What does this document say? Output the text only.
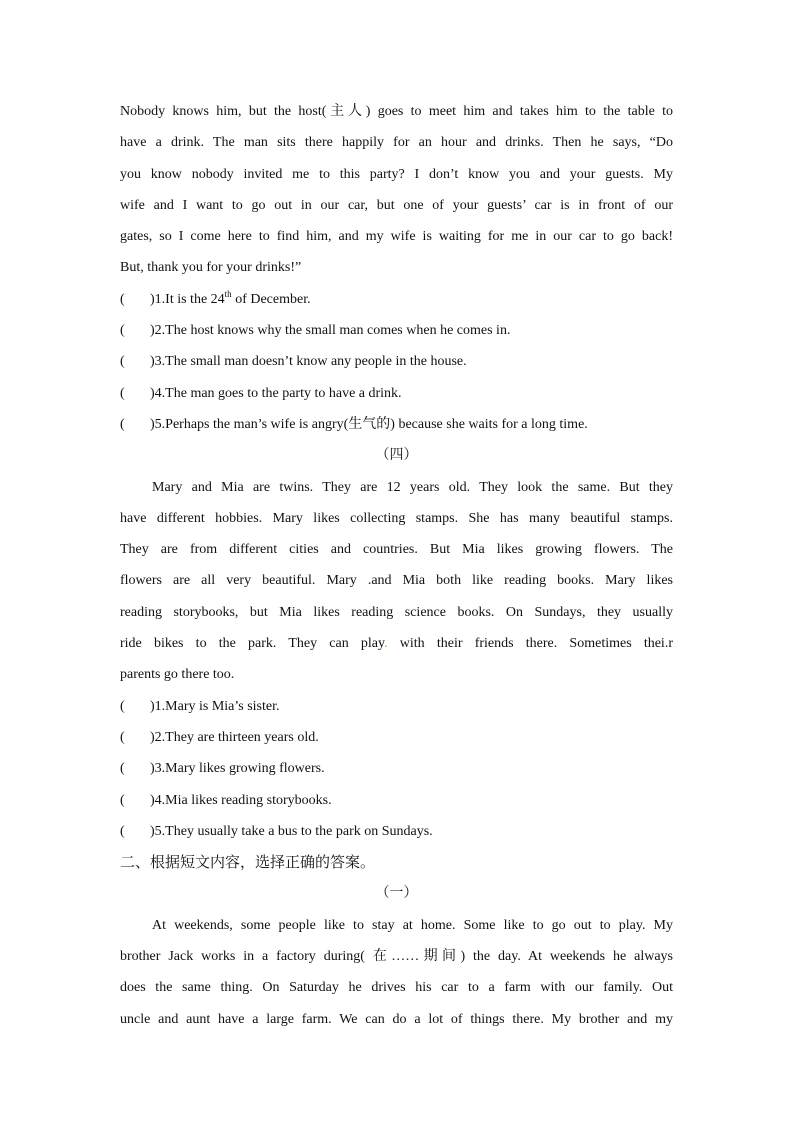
Nobody knows him, but the host(主人) goes to meet him and takes him to the table to
have a drink. The man sits there happily for an hour and drinks. Then he says, “Do
you know nobody invited me to this party? I don’t know you and your guests. My
wife and I want to go out in our car, but one of your guests’ car is in front of our
gates, so I come here to find him, and my wife is waiting for me in our car to go back!
But, thank you for your drinks!”
(	) 1.It is the 24th of December.
(	) 2.The host knows why the small man comes when he comes in.
(	) 3.The small man doesn’t know any people in the house.
(	) 4.The man goes to the party to have a drink.
(	) 5.Perhaps the man’s wife is angry(生气的) because she waits for a long time.
（四）
Mary and Mia are twins. They are 12 years old. They look the same. But they
have different hobbies. Mary likes collecting stamps. She has many beautiful stamps.
They are from different cities and countries. But Mia likes growing flowers. The
flowers are all very beautiful. Mary .and Mia both like reading books. Mary likes
reading storybooks, but Mia likes reading science books. On Sundays, they usually
ride bikes to the park. They can play. with their friends there. Sometimes thei.r
parents go there too.
(	) 1.Mary is Mia’s sister.
(	) 2.They are thirteen years old.
(	) 3.Mary likes growing flowers.
(	) 4.Mia likes reading storybooks.
(	) 5.They usually take a bus to the park on Sundays.
二、根据短文内容，选择正确的答案。
（一）
At weekends, some people like to stay at home. Some like to go out to play. My
brother Jack works in a factory during( 在……期间) the day. At weekends he always
does the same thing. On Saturday he drives his car to a farm with our family. Out
uncle and aunt have a large farm. We can do a lot of things there. My brother and my
